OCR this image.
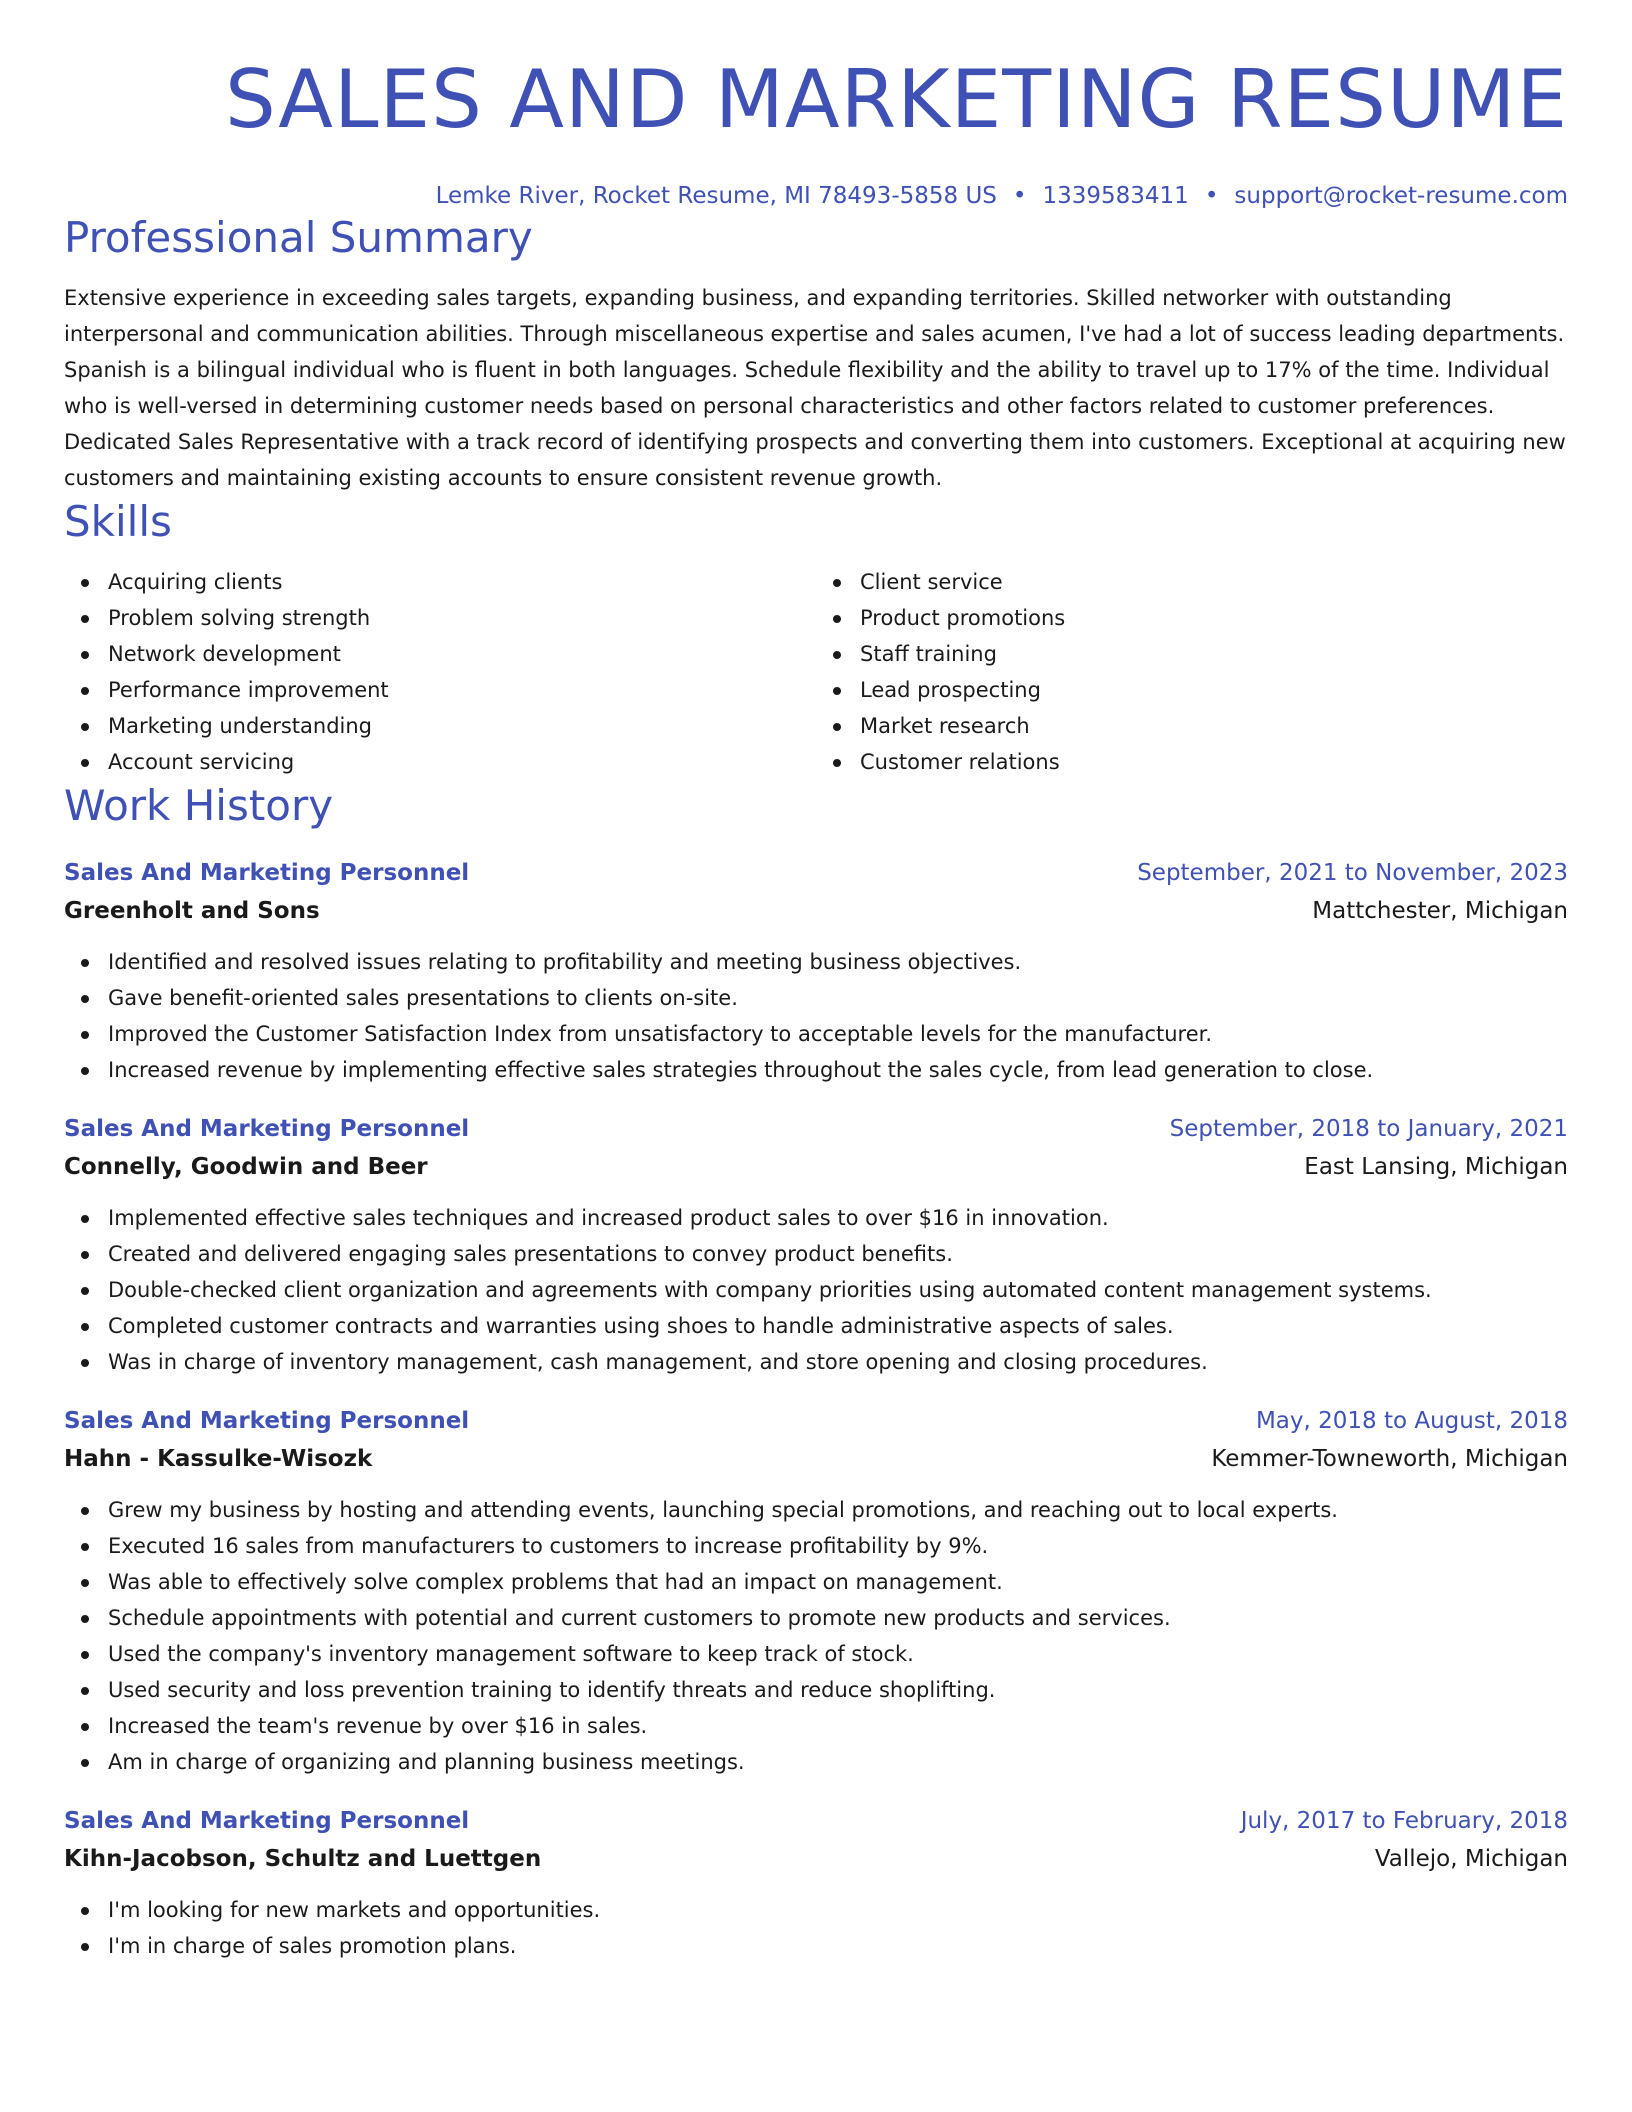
SALES AND MARKETING RESUME
Lemke River, Rocket Resume, MI 78493-5858 US • 1339583411 • support@rocket-resume.com
Professional Summary
Extensive experience in exceeding sales targets, expanding business, and expanding territories. Skilled networker with outstanding interpersonal and communication abilities. Through miscellaneous expertise and sales acumen, I've had a lot of success leading departments. Spanish is a bilingual individual who is fluent in both languages. Schedule flexibility and the ability to travel up to 17% of the time. Individual who is well-versed in determining customer needs based on personal characteristics and other factors related to customer preferences. Dedicated Sales Representative with a track record of identifying prospects and converting them into customers. Exceptional at acquiring new customers and maintaining existing accounts to ensure consistent revenue growth.
Skills
Acquiring clients
Problem solving strength
Network development
Performance improvement
Marketing understanding
Account servicing
Client service
Product promotions
Staff training
Lead prospecting
Market research
Customer relations
Work History
Sales And Marketing Personnel	September, 2021 to November, 2023
Greenholt and Sons	Mattchester, Michigan
Identified and resolved issues relating to profitability and meeting business objectives.
Gave benefit-oriented sales presentations to clients on-site.
Improved the Customer Satisfaction Index from unsatisfactory to acceptable levels for the manufacturer.
Increased revenue by implementing effective sales strategies throughout the sales cycle, from lead generation to close.
Sales And Marketing Personnel	September, 2018 to January, 2021
Connelly, Goodwin and Beer	East Lansing, Michigan
Implemented effective sales techniques and increased product sales to over $16 in innovation.
Created and delivered engaging sales presentations to convey product benefits.
Double-checked client organization and agreements with company priorities using automated content management systems.
Completed customer contracts and warranties using shoes to handle administrative aspects of sales.
Was in charge of inventory management, cash management, and store opening and closing procedures.
Sales And Marketing Personnel	May, 2018 to August, 2018
Hahn - Kassulke-Wisozk	Kemmer-Towneworth, Michigan
Grew my business by hosting and attending events, launching special promotions, and reaching out to local experts.
Executed 16 sales from manufacturers to customers to increase profitability by 9%.
Was able to effectively solve complex problems that had an impact on management.
Schedule appointments with potential and current customers to promote new products and services.
Used the company's inventory management software to keep track of stock.
Used security and loss prevention training to identify threats and reduce shoplifting.
Increased the team's revenue by over $16 in sales.
Am in charge of organizing and planning business meetings.
Sales And Marketing Personnel	July, 2017 to February, 2018
Kihn-Jacobson, Schultz and Luettgen	Vallejo, Michigan
I'm looking for new markets and opportunities.
I'm in charge of sales promotion plans.
